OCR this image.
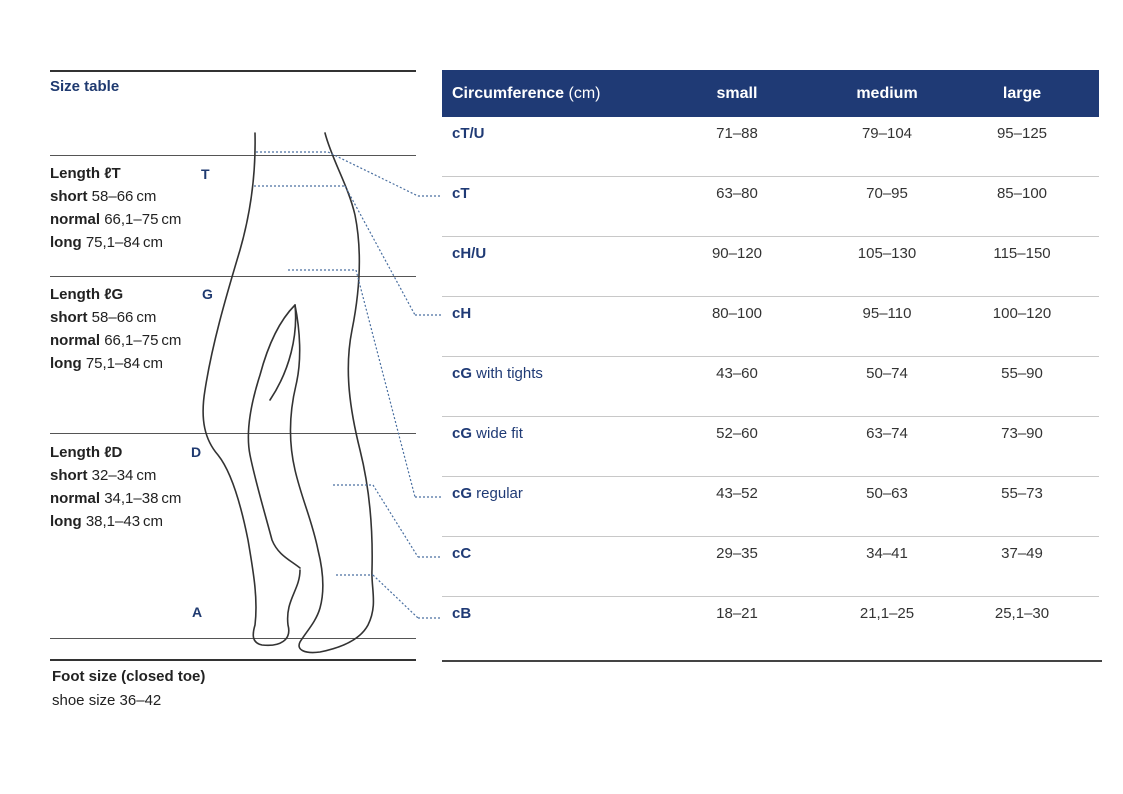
Size table
Length ℓT
short 58–66 cm
normal 66,1–75 cm
long 75,1–84 cm
T
Length ℓG
short 58–66 cm
normal 66,1–75 cm
long 75,1–84 cm
G
Length ℓD
short 32–34 cm
normal 34,1–38 cm
long 38,1–43 cm
D
A
Foot size (closed toe)
shoe size 36–42
Circumference (cm)	small	medium	large
cT/U	71–88	79–104	95–125
cT	63–80	70–95	85–100
cH/U	90–120	105–130	115–150
cH	80–100	95–110	100–120
cG with tights	43–60	50–74	55–90
cG wide fit	52–60	63–74	73–90
cG regular	43–52	50–63	55–73
cC	29–35	34–41	37–49
cB	18–21	21,1–25	25,1–30
